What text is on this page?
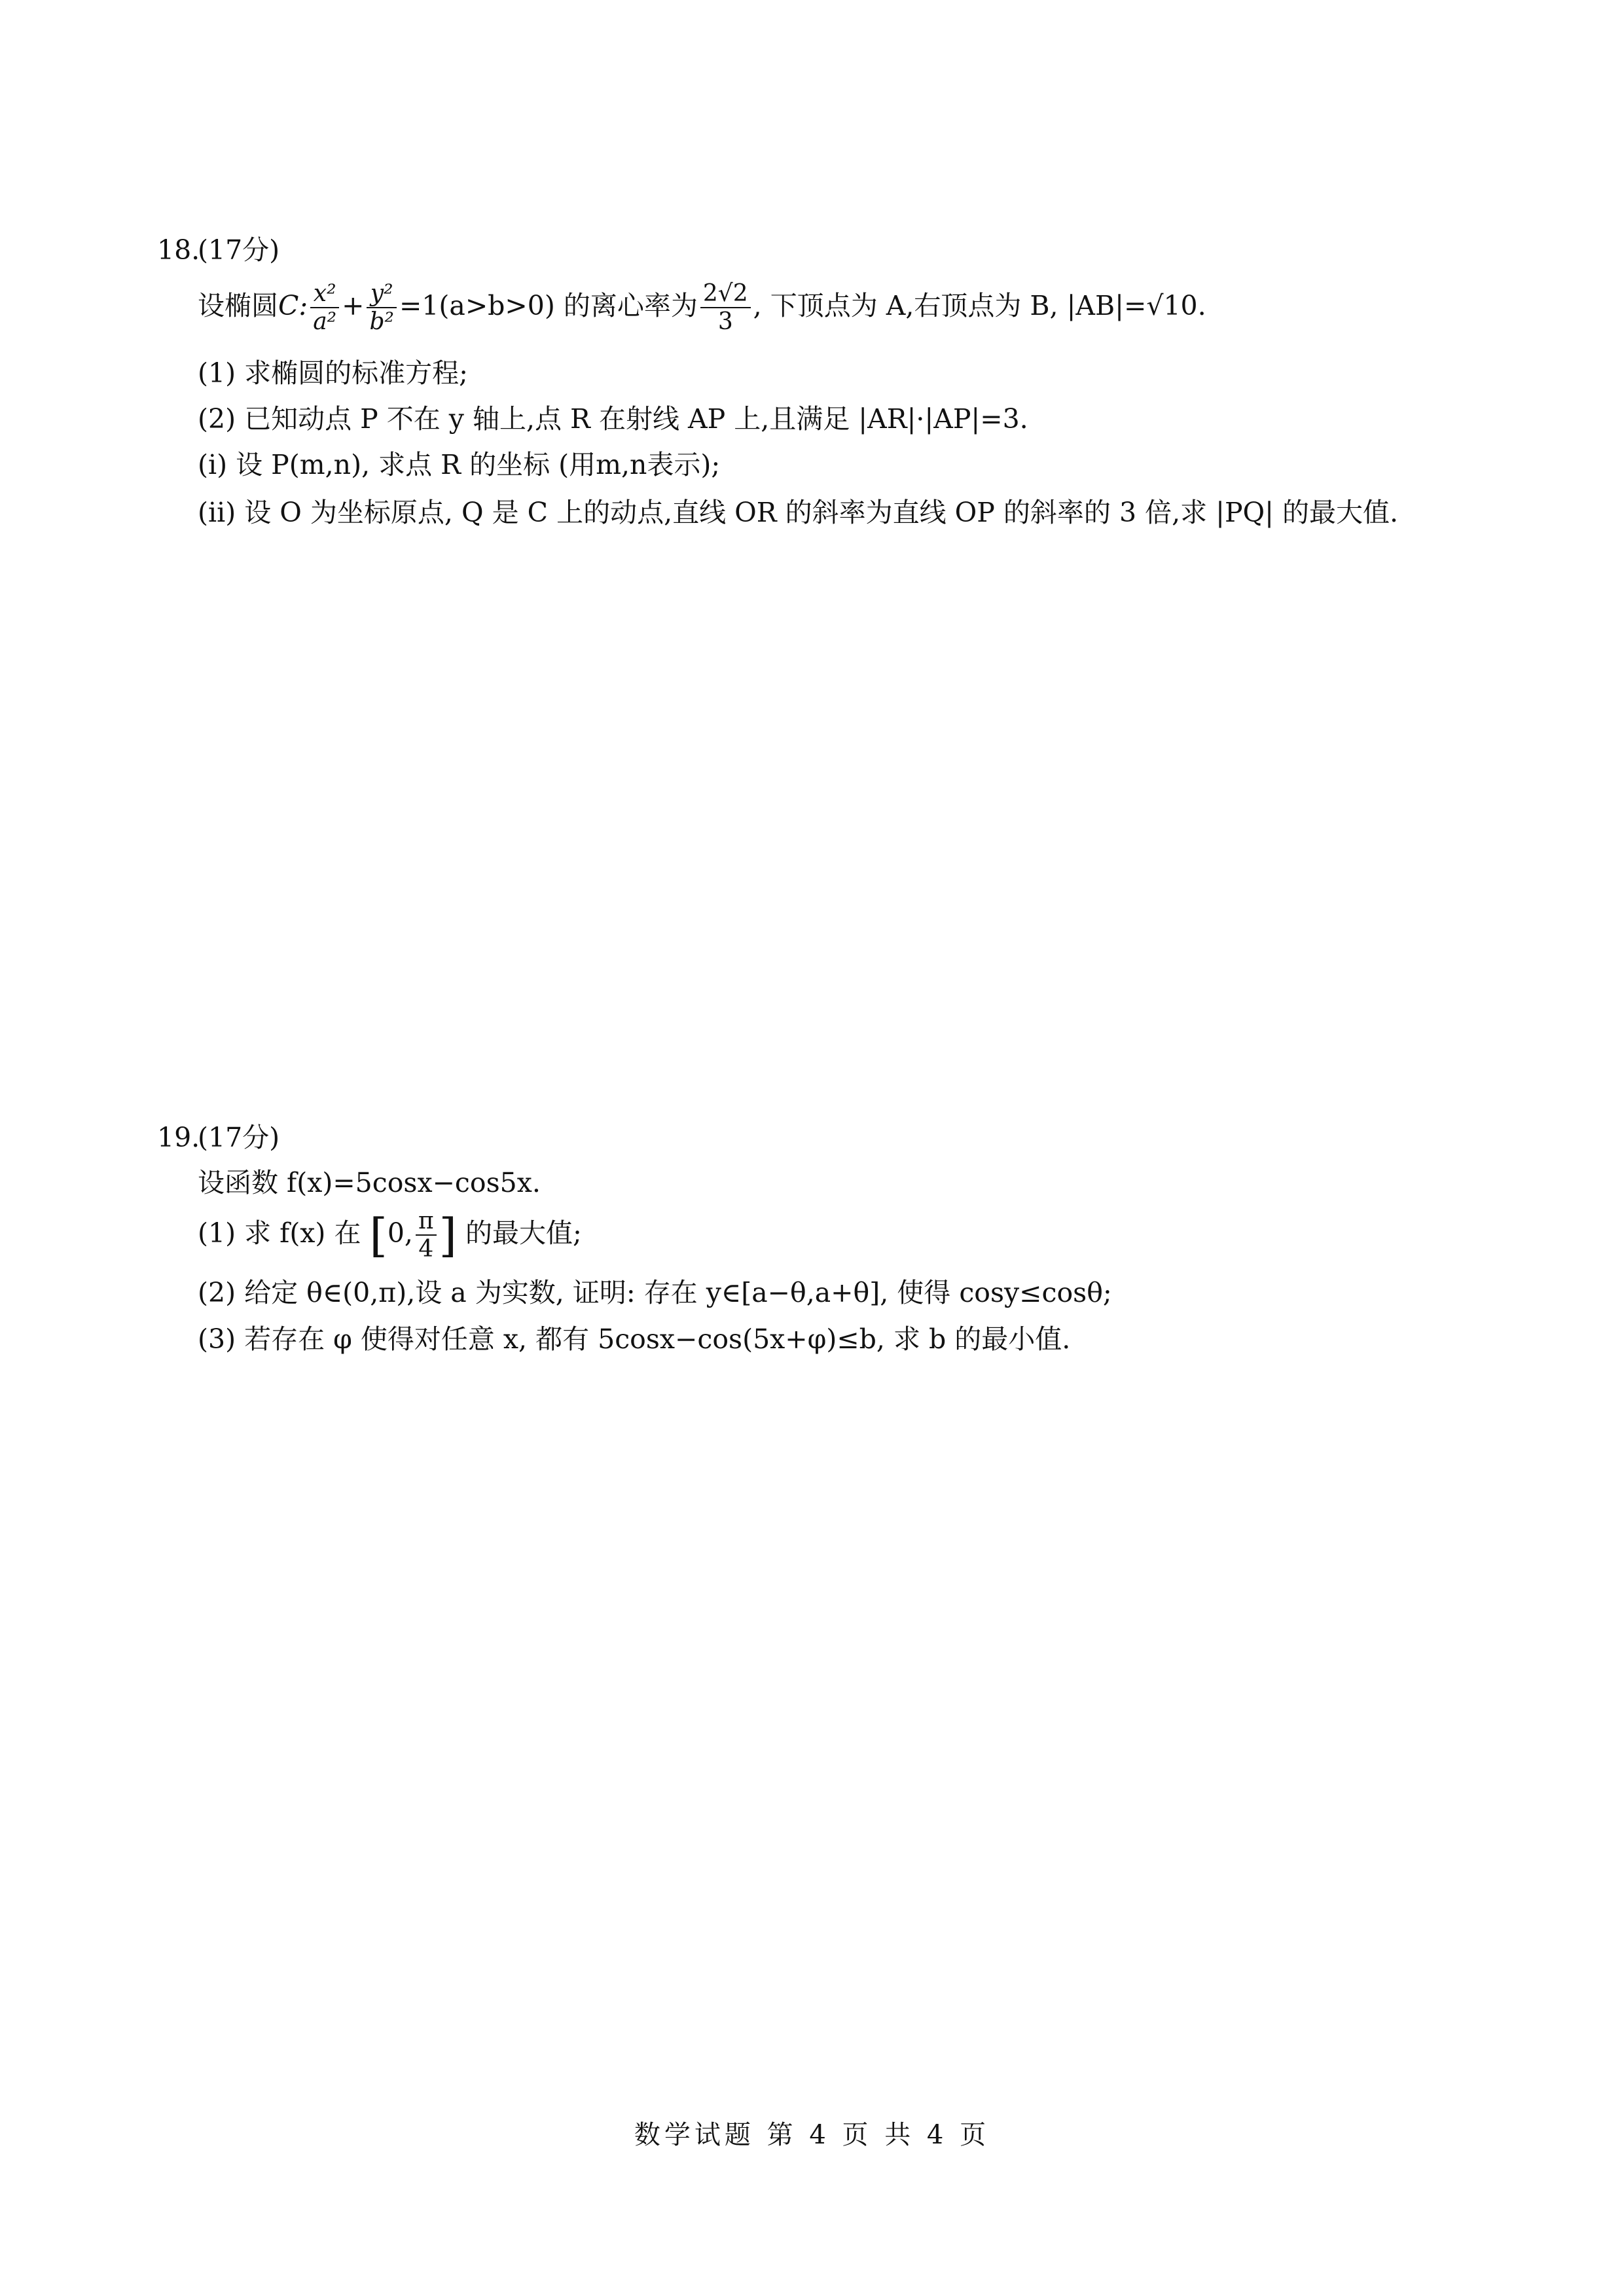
18.
(17分)
设椭圆C: $\frac{\text{x²}}{\text{a²}} + \frac{\text{y²}}{\text{b²}} =1(a>b>0)$ 的离心率为 $\frac{2√2}{3}$ , 下顶点为 A,右顶点为 B, |AB|=√10.
(1) 求椭圆的标准方程;
(2) 已知动点 P 不在 y 轴上,点 R 在射线 AP 上,且满足 |AR|·|AP|=3.
(i) 设 P(m,n), 求点 R 的坐标 (用m,n表示);
(ii) 设 O 为坐标原点, Q 是 C 上的动点,直线 OR 的斜率为直线 OP 的斜率的 3 倍,求 |PQ| 的最大值.
19.
(17分)
设函数 f(x)=5cosx−cos5x.
(1) 求 f(x) 在 [0, $\frac{\pi}{4}$ ] 的最大值;
(2) 给定 θ∈(0,π),设 a 为实数, 证明: 存在 y∈[a−θ,a+θ], 使得 cosy≤cosθ;
(3) 若存在 φ 使得对任意 x, 都有 5cosx−cos(5x+φ)≤b, 求 b 的最小值.
数学试题 第 4 页 共 4 页
